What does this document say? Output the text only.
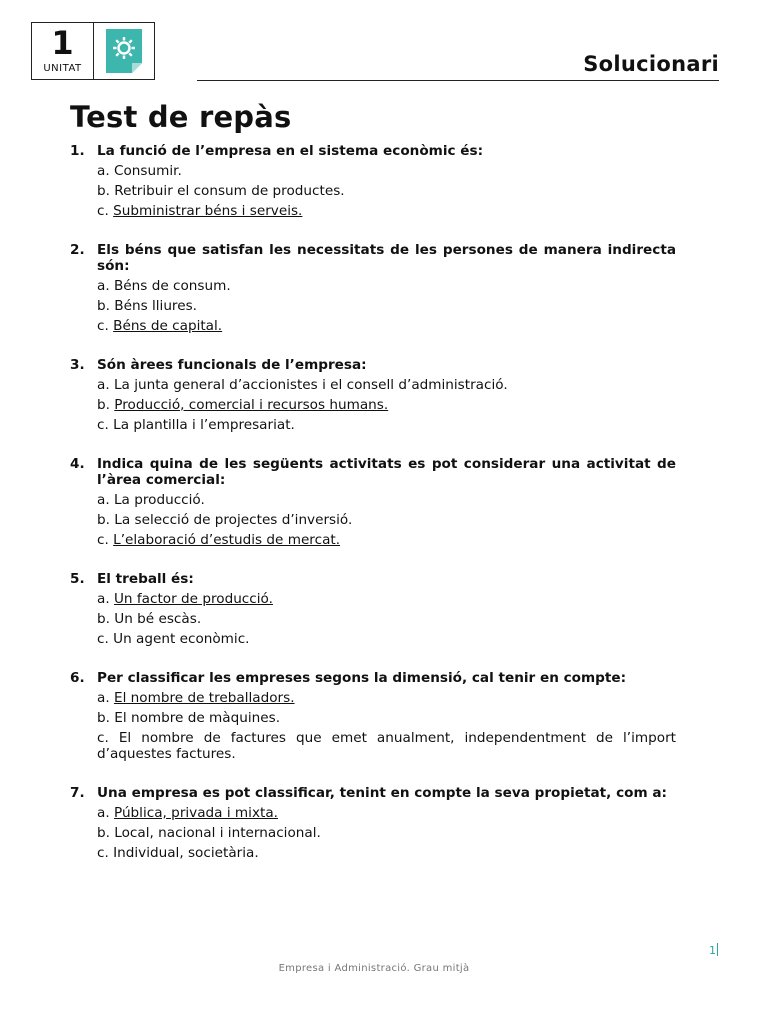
1
UNITAT	Solucionari
Test de repàs
1. La funció de l’empresa en el sistema econòmic és:
a. Consumir.
b. Retribuir el consum de productes.
c. Subministrar béns i serveis.
2. Els béns que satisfan les necessitats de les persones de manera indirecta són:
a. Béns de consum.
b. Béns lliures.
c. Béns de capital.
3. Són àrees funcionals de l’empresa:
a. La junta general d’accionistes i el consell d’administració.
b. Producció, comercial i recursos humans.
c. La plantilla i l’empresariat.
4. Indica quina de les següents activitats es pot considerar una activitat de l’àrea comercial:
a. La producció.
b. La selecció de projectes d’inversió.
c. L’elaboració d’estudis de mercat.
5. El treball és:
a. Un factor de producció.
b. Un bé escàs.
c. Un agent econòmic.
6. Per classificar les empreses segons la dimensió, cal tenir en compte:
a. El nombre de treballadors.
b. El nombre de màquines.
c. El nombre de factures que emet anualment, independentment de l’import d’aquestes factures.
7. Una empresa es pot classificar, tenint en compte la seva propietat, com a:
a. Pública, privada i mixta.
b. Local, nacional i internacional.
c. Individual, societària.
1
Empresa i Administració. Grau mitjà
